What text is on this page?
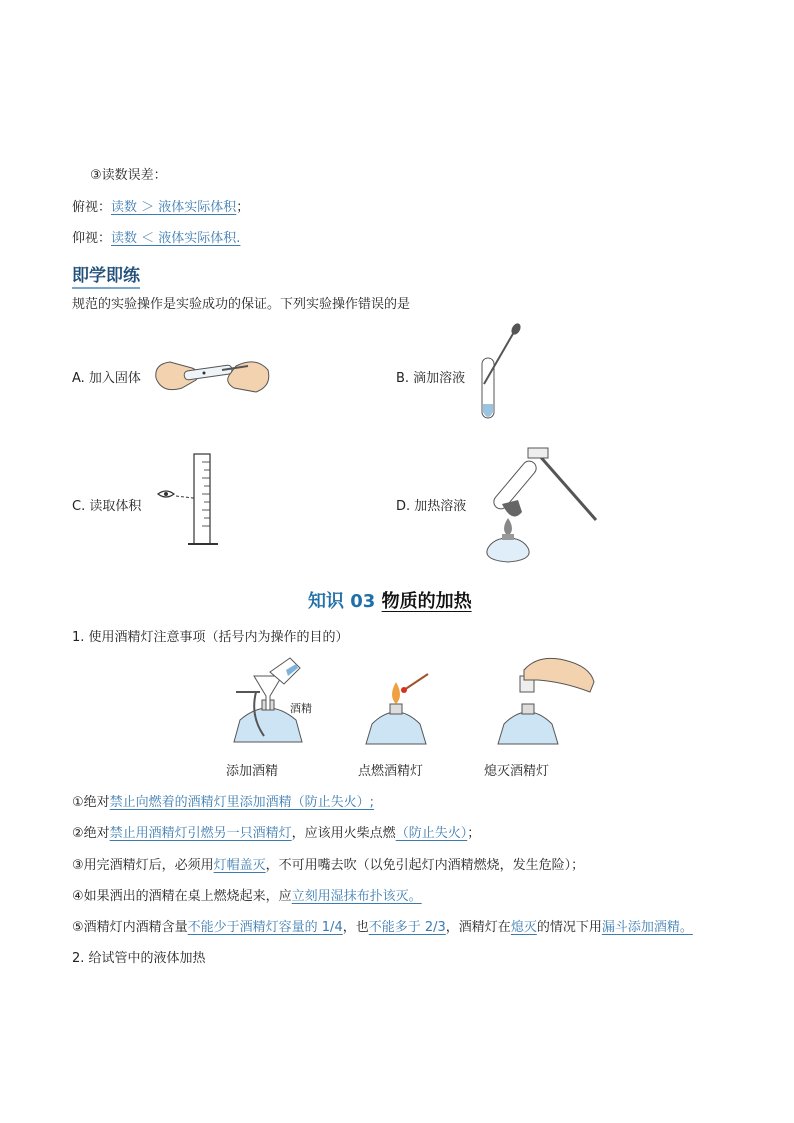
③读数误差：
俯视：读数 ＞ 液体实际体积；
仰视：读数 ＜ 液体实际体积.
即学即练
规范的实验操作是实验成功的保证。下列实验操作错误的是
A. 加入固体	B. 滴加溶液
C. 读取体积	D. 加热溶液
知识 03 物质的加热
1. 使用酒精灯注意事项（括号内为操作的目的）
酒精
添加酒精	点燃酒精灯	熄灭酒精灯
①绝对禁止向燃着的酒精灯里添加酒精（防止失火）;
②绝对禁止用酒精灯引燃另一只酒精灯，应该用火柴点燃（防止失火）；
③用完酒精灯后，必须用灯帽盖灭，不可用嘴去吹（以免引起灯内酒精燃烧，发生危险）；
④如果洒出的酒精在桌上燃烧起来，应立刻用湿抹布扑该灭。
⑤酒精灯内酒精含量不能少于酒精灯容量的 1/4，也不能多于 2/3，酒精灯在熄灭的情况下用漏斗添加酒精。
2. 给试管中的液体加热
